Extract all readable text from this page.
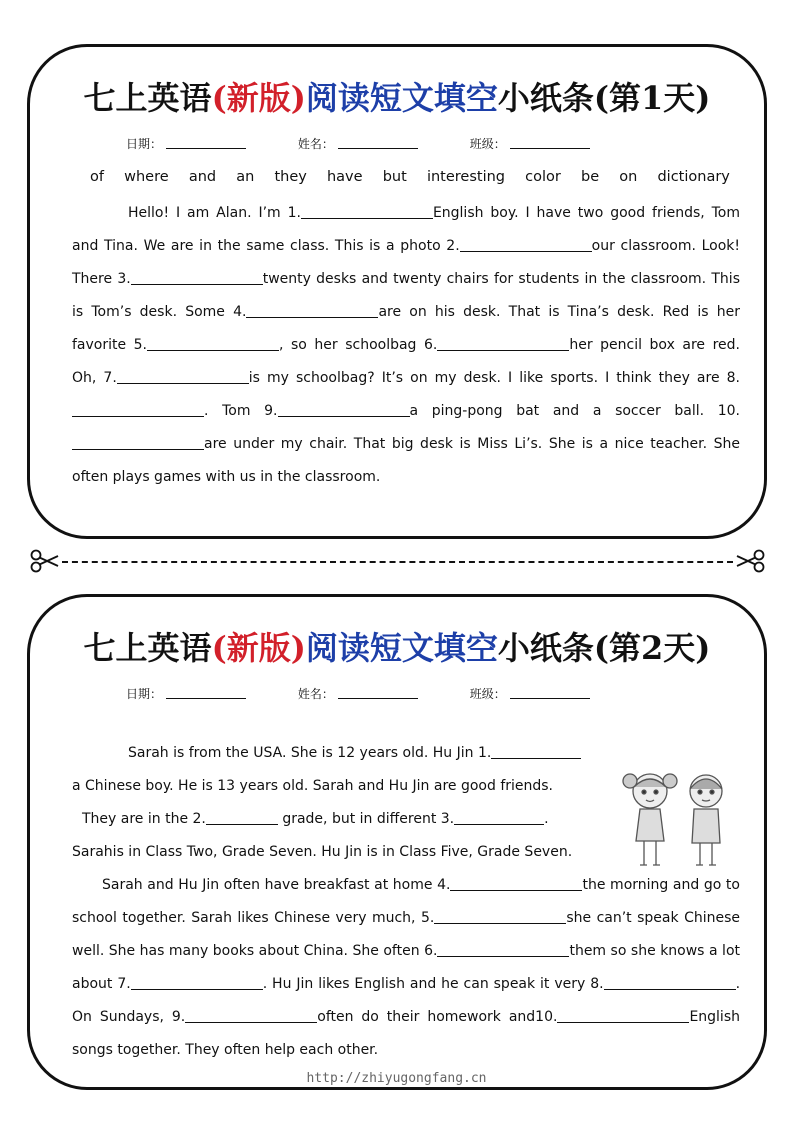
七上英语(新版)阅读短文填空小纸条(第1天)
日期：	姓名：	班级：
of where and an they have but interesting color be on dictionary

Hello! I am Alan. I’m 1.	English boy. I have two good friends, Tom and Tina. We are in the same class. This is a photo 2.	our classroom. Look! There 3.	twenty desks and twenty chairs for students in the classroom. This is Tom’s desk. Some 4.	are on his desk. That is Tina’s desk. Red is her favorite 5.	, so her schoolbag 6.	her pencil box are red. Oh, 7.	is my schoolbag? It’s on my desk. I like sports. I think they are 8.. Tom 9.	a ping-pong bat and a soccer ball. 10.are under my chair. That big desk is Miss Li’s. She is a nice teacher. She often plays games with us in the classroom.

七上英语(新版)阅读短文填空小纸条(第2天)
日期：	姓名：	班级：

Sarah is from the USA. She is 12 years old. Hu Jin 1.

a Chinese boy. He is 13 years old. Sarah and Hu Jin are good friends.

They are in the 2.	grade, but in different 3.	.

Sarahis in Class Two, Grade Seven. Hu Jin is in Class Five, Grade Seven.

Sarah and Hu Jin often have breakfast at home 4.	the morning and go to school together. Sarah likes Chinese very much, 5.	she can’t speak Chinese well. She has many books about China. She often 6.	them so she knows a lot about 7.	. Hu Jin likes English and he can speak it very 8.	. On Sundays, 9.	often do their homework and10.	English songs together. They often help each other.

http://zhiyugongfang.cn
